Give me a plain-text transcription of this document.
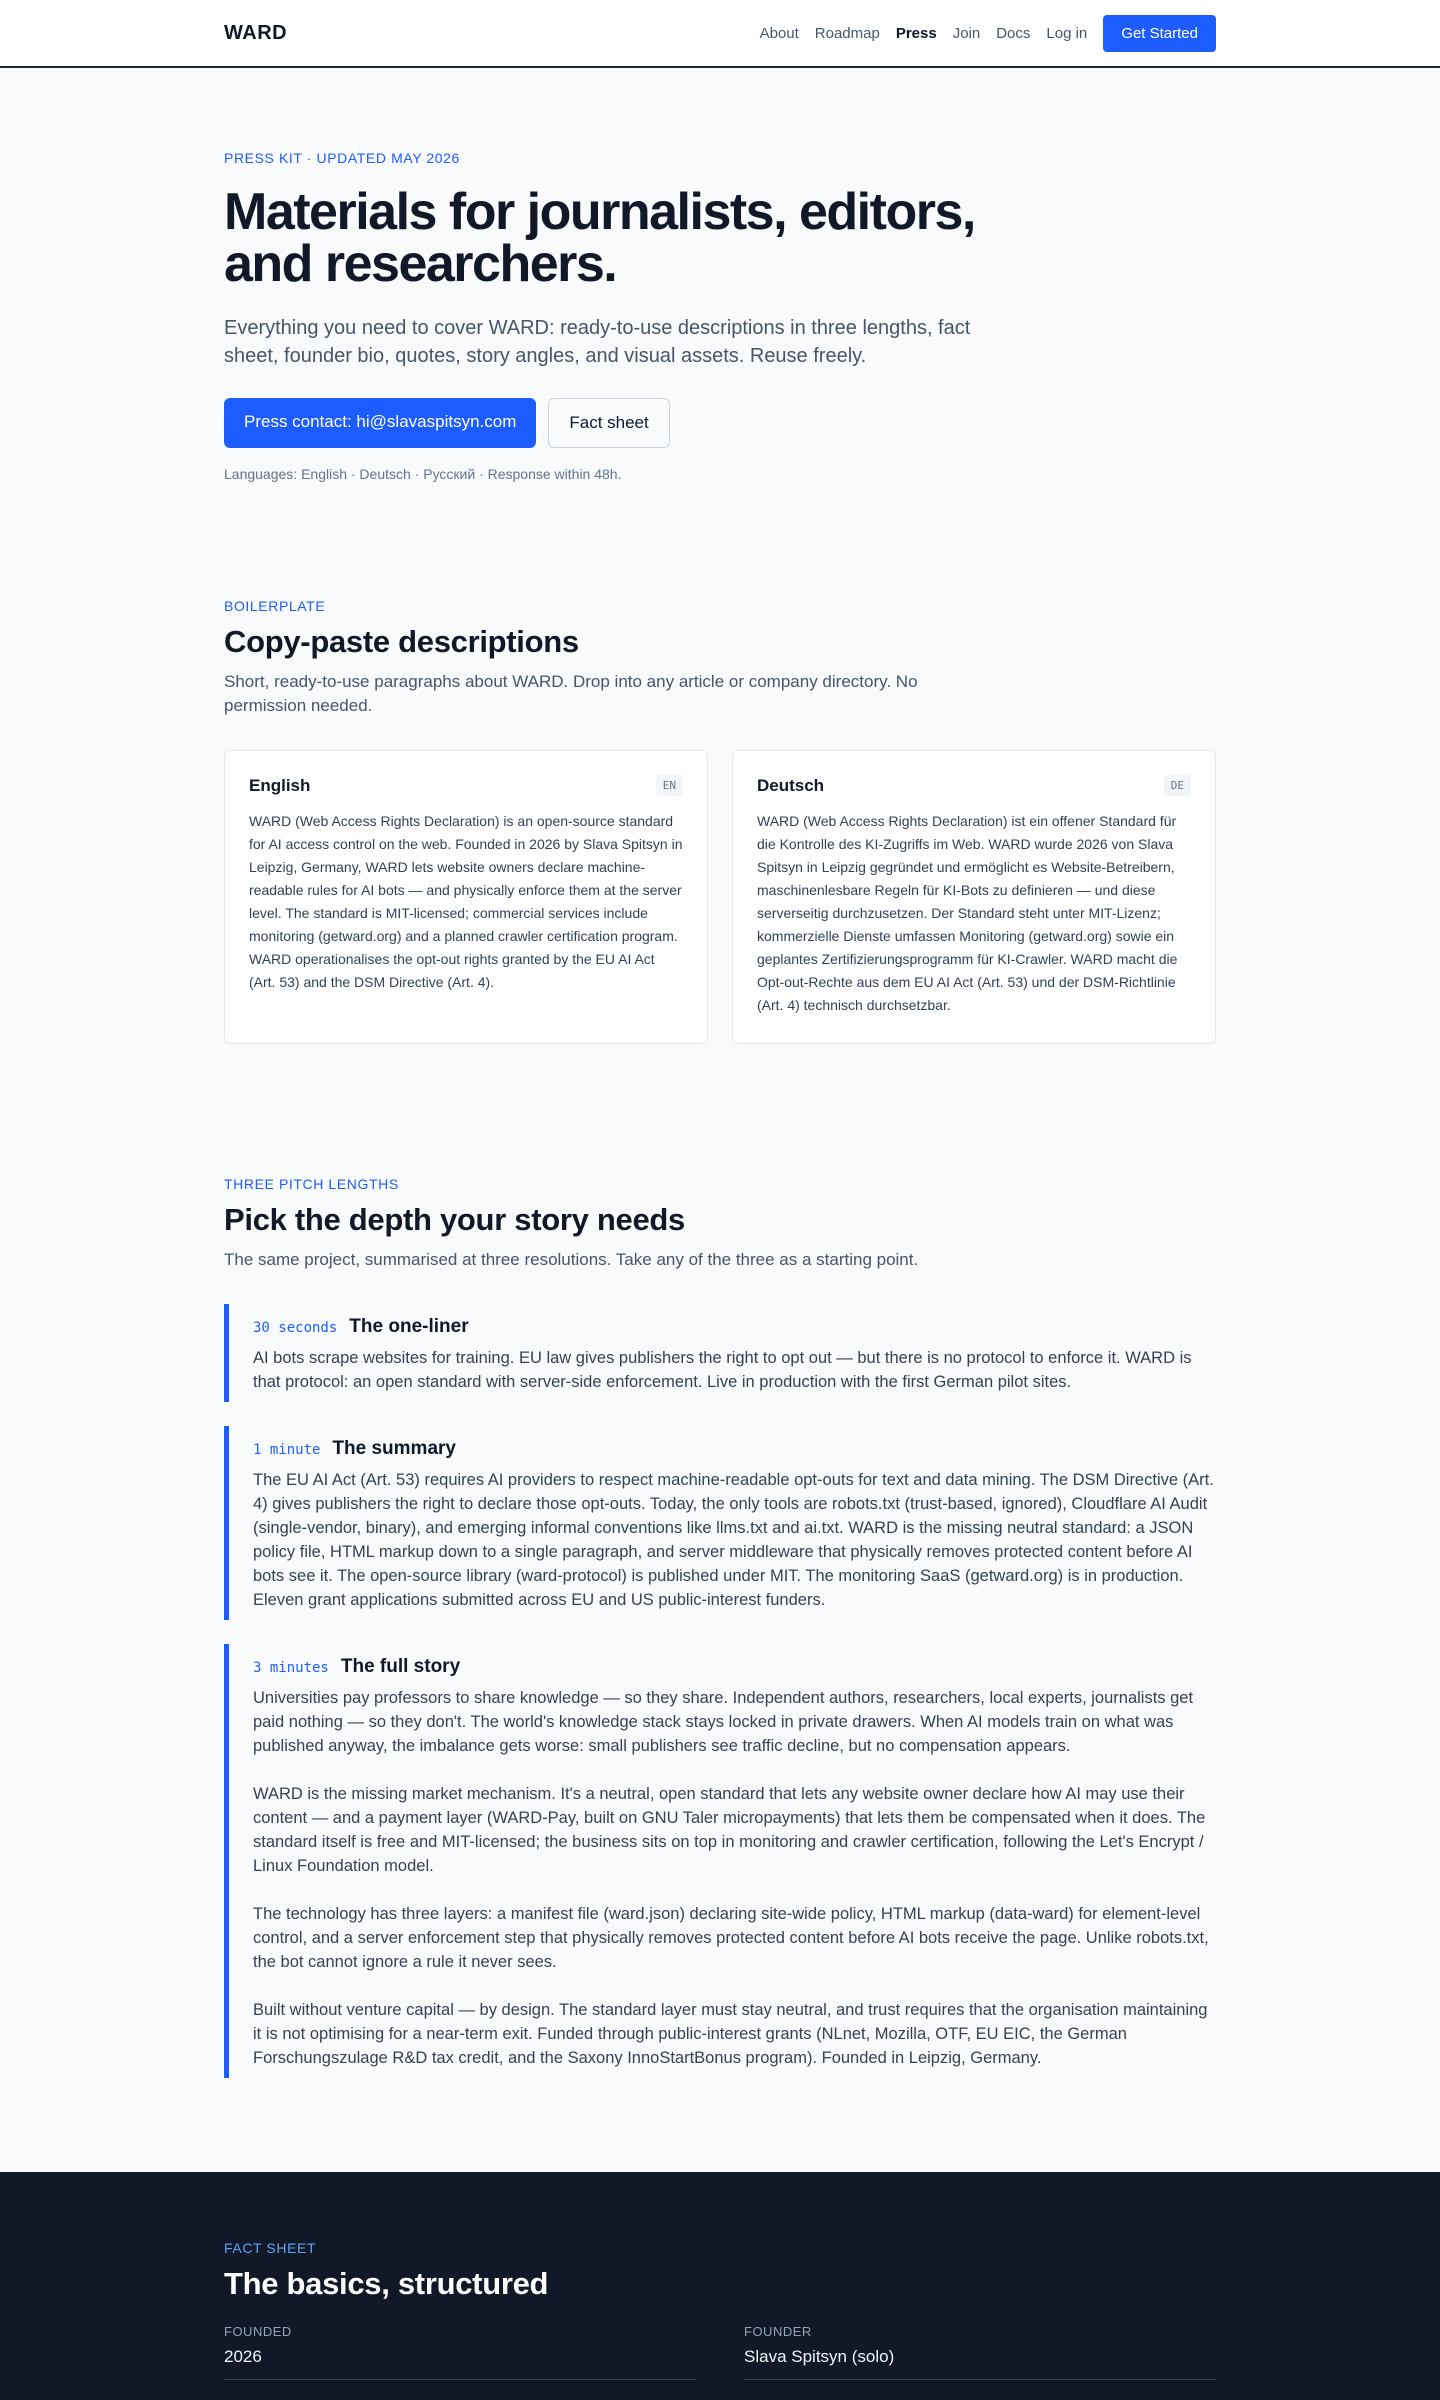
WARD	About Roadmap Press Join Docs Log in	Get Started
PRESS KIT · UPDATED MAY 2026
Materials for journalists, editors, and researchers.

Everything you need to cover WARD: ready-to-use descriptions in three lengths, fact sheet, founder bio, quotes, story angles, and visual assets. Reuse freely.

Press contact: hi@slavaspitsyn.com	Fact sheet

Languages: English · Deutsch · Русский · Response within 48h.

BOILERPLATE
Copy-paste descriptions

Short, ready-to-use paragraphs about WARD. Drop into any article or company directory. No permission needed.

English	EN

WARD (Web Access Rights Declaration) is an open-source standard for AI access control on the web. Founded in 2026 by Slava Spitsyn in Leipzig, Germany, WARD lets website owners declare machine-readable rules for AI bots — and physically enforce them at the server level. The standard is MIT-licensed; commercial services include monitoring (getward.org) and a planned crawler certification program. WARD operationalises the opt-out rights granted by the EU AI Act (Art. 53) and the DSM Directive (Art. 4).

Deutsch	DE

WARD (Web Access Rights Declaration) ist ein offener Standard für die Kontrolle des KI-Zugriffs im Web. WARD wurde 2026 von Slava Spitsyn in Leipzig gegründet und ermöglicht es Website-Betreibern, maschinenlesbare Regeln für KI-Bots zu definieren — und diese serverseitig durchzusetzen. Der Standard steht unter MIT-Lizenz; kommerzielle Dienste umfassen Monitoring (getward.org) sowie ein geplantes Zertifizierungsprogramm für KI-Crawler. WARD macht die Opt-out-Rechte aus dem EU AI Act (Art. 53) und der DSM-Richtlinie (Art. 4) technisch durchsetzbar.

THREE PITCH LENGTHS
Pick the depth your story needs

The same project, summarised at three resolutions. Take any of the three as a starting point.

30 seconds The one-liner

AI bots scrape websites for training. EU law gives publishers the right to opt out — but there is no protocol to enforce it. WARD is that protocol: an open standard with server-side enforcement. Live in production with the first German pilot sites.

1 minute The summary

The EU AI Act (Art. 53) requires AI providers to respect machine-readable opt-outs for text and data mining. The DSM Directive (Art. 4) gives publishers the right to declare those opt-outs. Today, the only tools are robots.txt (trust-based, ignored), Cloudflare AI Audit (single-vendor, binary), and emerging informal conventions like llms.txt and ai.txt. WARD is the missing neutral standard: a JSON policy file, HTML markup down to a single paragraph, and server middleware that physically removes protected content before AI bots see it. The open-source library (ward-protocol) is published under MIT. The monitoring SaaS (getward.org) is in production. Eleven grant applications submitted across EU and US public-interest funders.

3 minutes The full story

Universities pay professors to share knowledge — so they share. Independent authors, researchers, local experts, journalists get paid nothing — so they don't. The world's knowledge stack stays locked in private drawers. When AI models train on what was published anyway, the imbalance gets worse: small publishers see traffic decline, but no compensation appears.

WARD is the missing market mechanism. It's a neutral, open standard that lets any website owner declare how AI may use their content — and a payment layer (WARD-Pay, built on GNU Taler micropayments) that lets them be compensated when it does. The standard itself is free and MIT-licensed; the business sits on top in monitoring and crawler certification, following the Let's Encrypt / Linux Foundation model.

The technology has three layers: a manifest file (ward.json) declaring site-wide policy, HTML markup (data-ward) for element-level control, and a server enforcement step that physically removes protected content before AI bots receive the page. Unlike robots.txt, the bot cannot ignore a rule it never sees.

Built without venture capital — by design. The standard layer must stay neutral, and trust requires that the organisation maintaining it is not optimising for a near-term exit. Funded through public-interest grants (NLnet, Mozilla, OTF, EU EIC, the German Forschungszulage R&D tax credit, and the Saxony InnoStartBonus program). Founded in Leipzig, Germany.

FACT SHEET
The basics, structured
FOUNDED
2026
FOUNDER
Slava Spitsyn (solo)
